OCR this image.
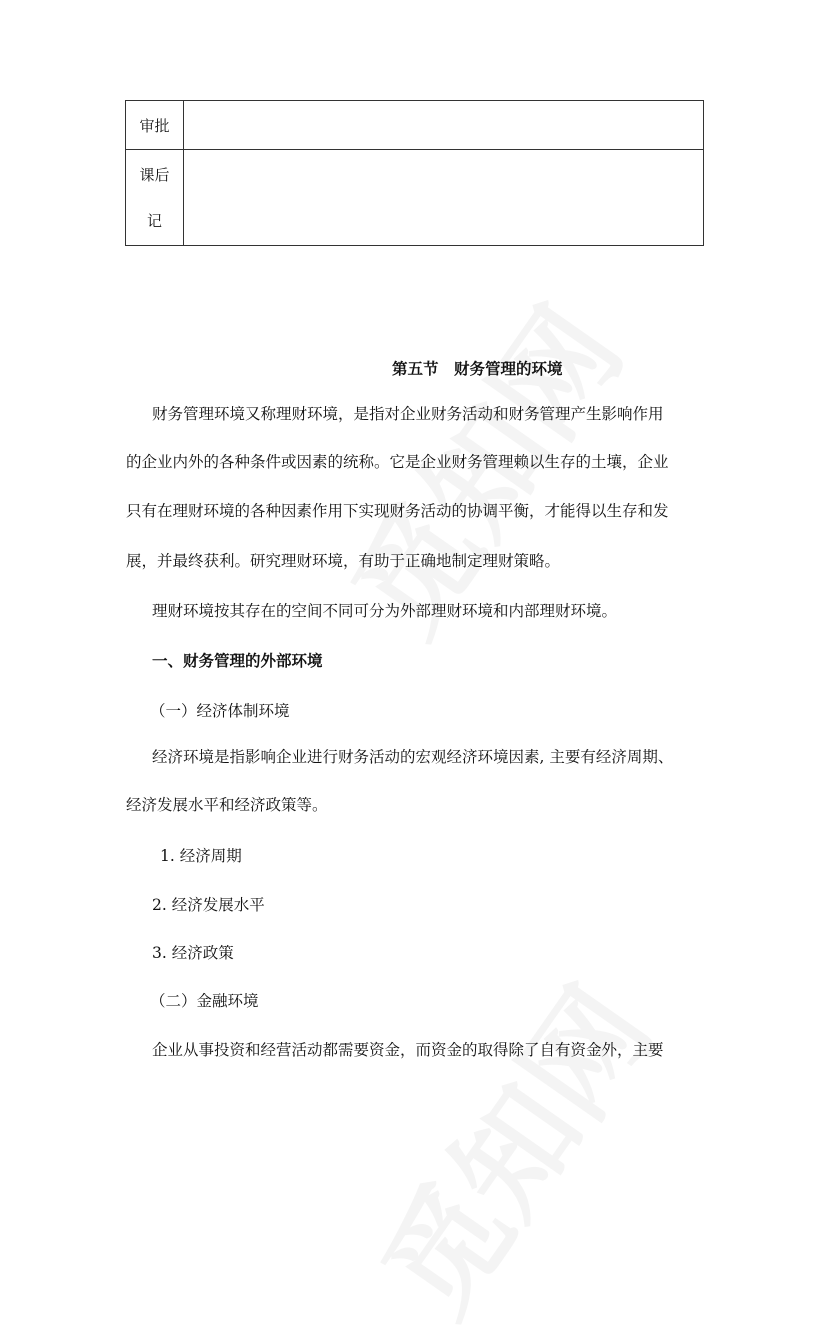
审批	

课后
记	

第五节　财务管理的环境
财务管理环境又称理财环境，是指对企业财务活动和财务管理产生影响作用
的企业内外的各种条件或因素的统称。它是企业财务管理赖以生存的土壤，企业
只有在理财环境的各种因素作用下实现财务活动的协调平衡，才能得以生存和发
展，并最终获利。研究理财环境，有助于正确地制定理财策略。
理财环境按其存在的空间不同可分为外部理财环境和内部理财环境。
一、财务管理的外部环境
（一）经济体制环境
经济环境是指影响企业进行财务活动的宏观经济环境因素, 主要有经济周期、
经济发展水平和经济政策等。
1. 经济周期
2. 经济发展水平
3. 经济政策
（二）金融环境
企业从事投资和经营活动都需要资金，而资金的取得除了自有资金外，主要
